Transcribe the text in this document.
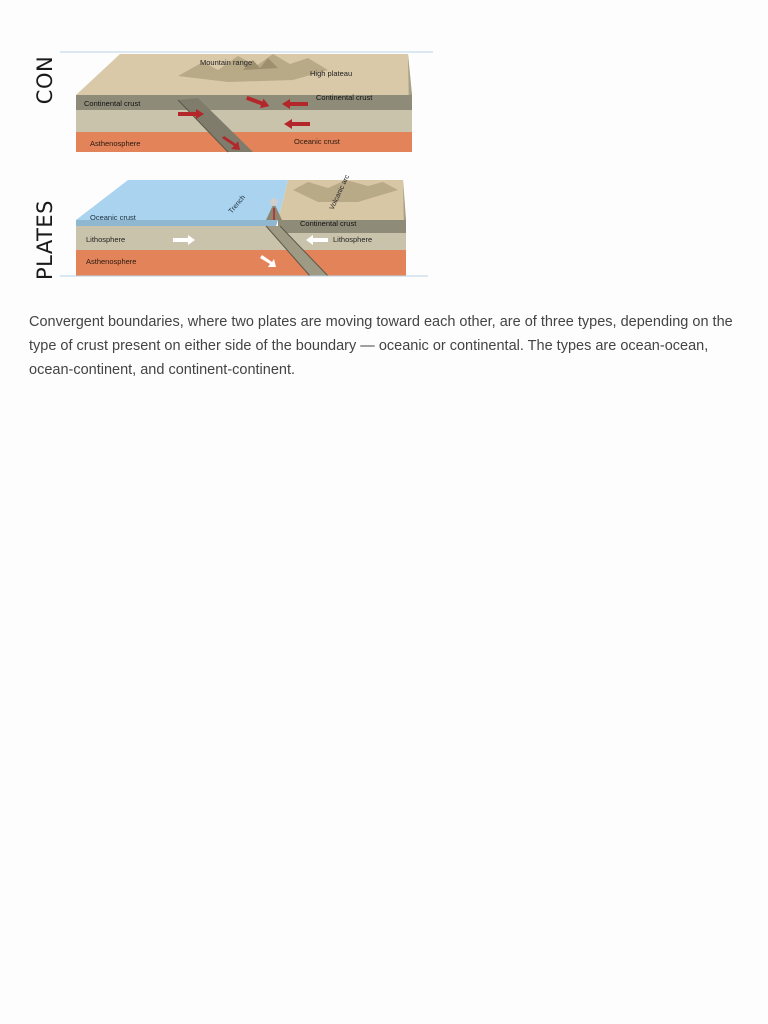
CON
PLATES
Mountain range
High plateau
Continental crust
Continental crust
Asthenosphere	Oceanic crust
Oceanic crust
Trench	Volcanic arc
Continental crust
Lithosphere	Lithosphere
Asthenosphere

Convergent boundaries, where two plates are moving toward each other, are of three types, depending on the type of crust present on either side of the boundary — oceanic or continental. The types are ocean-ocean, ocean-continent, and continent-continent.
